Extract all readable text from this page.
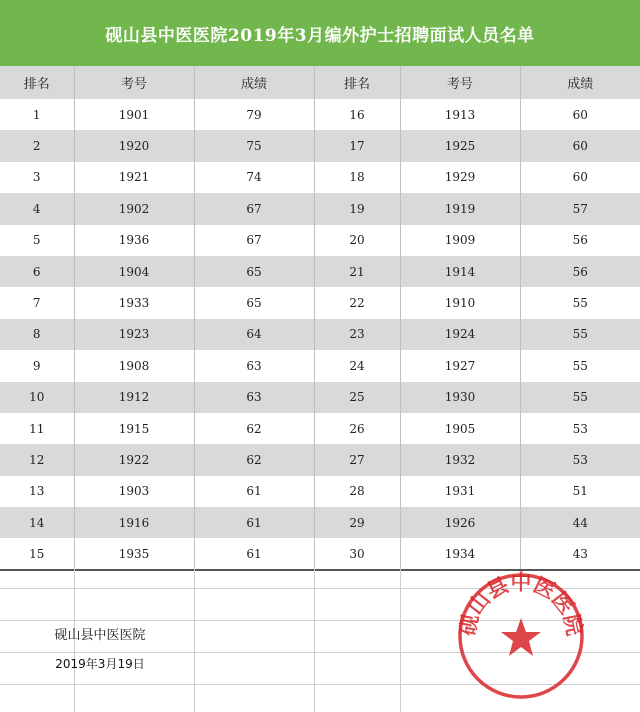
砚山县中医医院2019年3月编外护士招聘面试人员名单
排名	考号	成绩	排名	考号	成绩
1	1901	79	16	1913	60
2	1920	75	17	1925	60
3	1921	74	18	1929	60
4	1902	67	19	1919	57
5	1936	67	20	1909	56
6	1904	65	21	1914	56
7	1933	65	22	1910	55
8	1923	64	23	1924	55
9	1908	63	24	1927	55
10	1912	63	25	1930	55
11	1915	62	26	1905	53
12	1922	62	27	1932	53
13	1903	61	28	1931	51
14	1916	61	29	1926	44
15	1935	61	30	1934	43
砚山县中医医院
砚山县中医医院
2019年3月19日
